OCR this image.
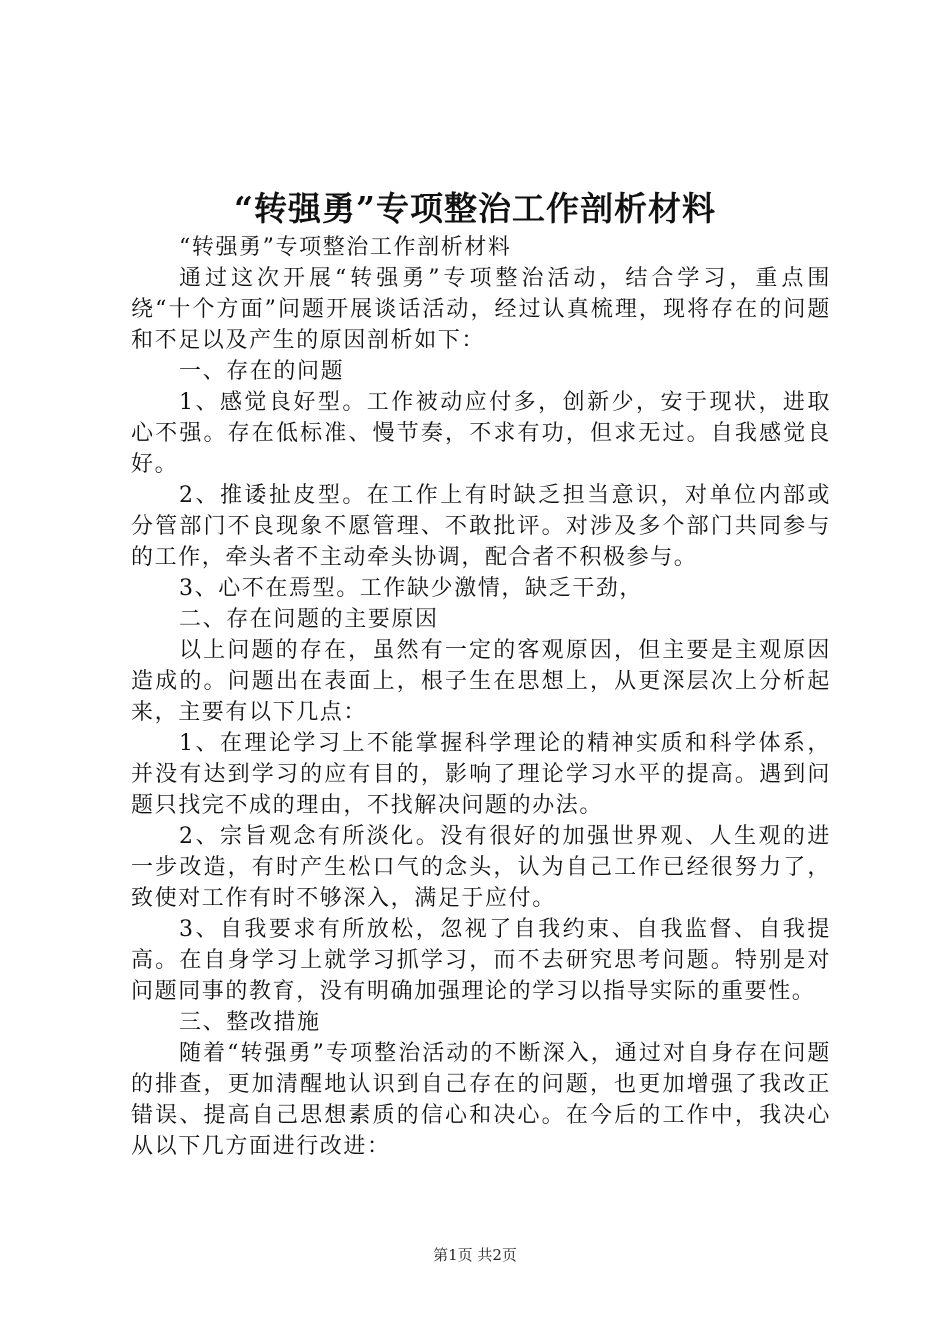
“转强勇”专项整治工作剖析材料

“转强勇”专项整治工作剖析材料

通过这次开展“转强勇”专项整治活动，结合学习，重点围绕“十个方面”问题开展谈话活动，经过认真梳理，现将存在的问题和不足以及产生的原因剖析如下：

一、存在的问题

1、感觉良好型。工作被动应付多，创新少，安于现状，进取心不强。存在低标准、慢节奏，不求有功，但求无过。自我感觉良好。

2、推诿扯皮型。在工作上有时缺乏担当意识，对单位内部或分管部门不良现象不愿管理、不敢批评。对涉及多个部门共同参与的工作，牵头者不主动牵头协调，配合者不积极参与。

3、心不在焉型。工作缺少激情，缺乏干劲，

二、存在问题的主要原因

以上问题的存在，虽然有一定的客观原因，但主要是主观原因造成的。问题出在表面上，根子生在思想上，从更深层次上分析起来，主要有以下几点：

1、在理论学习上不能掌握科学理论的精神实质和科学体系，并没有达到学习的应有目的，影响了理论学习水平的提高。遇到问题只找完不成的理由，不找解决问题的办法。

2、宗旨观念有所淡化。没有很好的加强世界观、人生观的进一步改造，有时产生松口气的念头，认为自己工作已经很努力了，致使对工作有时不够深入，满足于应付。

3、自我要求有所放松，忽视了自我约束、自我监督、自我提高。在自身学习上就学习抓学习，而不去研究思考问题。特别是对问题同事的教育，没有明确加强理论的学习以指导实际的重要性。

三、整改措施

随着“转强勇”专项整治活动的不断深入，通过对自身存在问题的排查，更加清醒地认识到自己存在的问题，也更加增强了我改正错误、提高自己思想素质的信心和决心。在今后的工作中，我决心从以下几方面进行改进：

第1页 共2页
